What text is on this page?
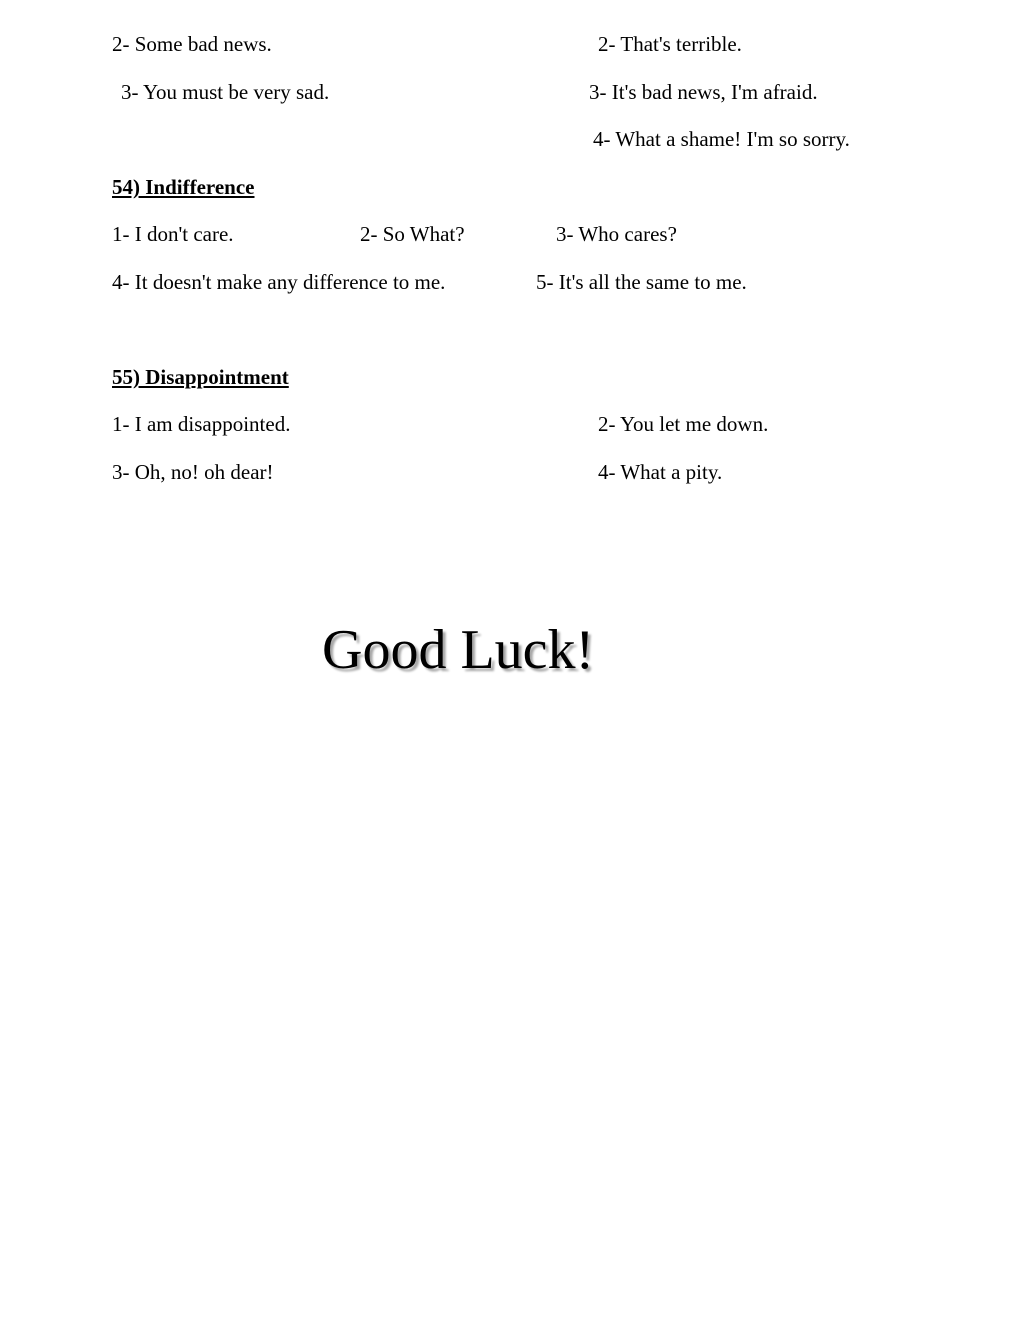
2- Some bad news.	2- That's terrible.
3- You must be very sad.	3- It's bad news, I'm afraid.
4- What a shame! I'm so sorry.
54) Indifference
1- I don't care.	2- So What?	3- Who cares?
4- It doesn't make any difference to me.	5- It's all the same to me.
55) Disappointment
1- I am disappointed.	2- You let me down.
3- Oh, no! oh dear!	4- What a pity.
Good Luck!
